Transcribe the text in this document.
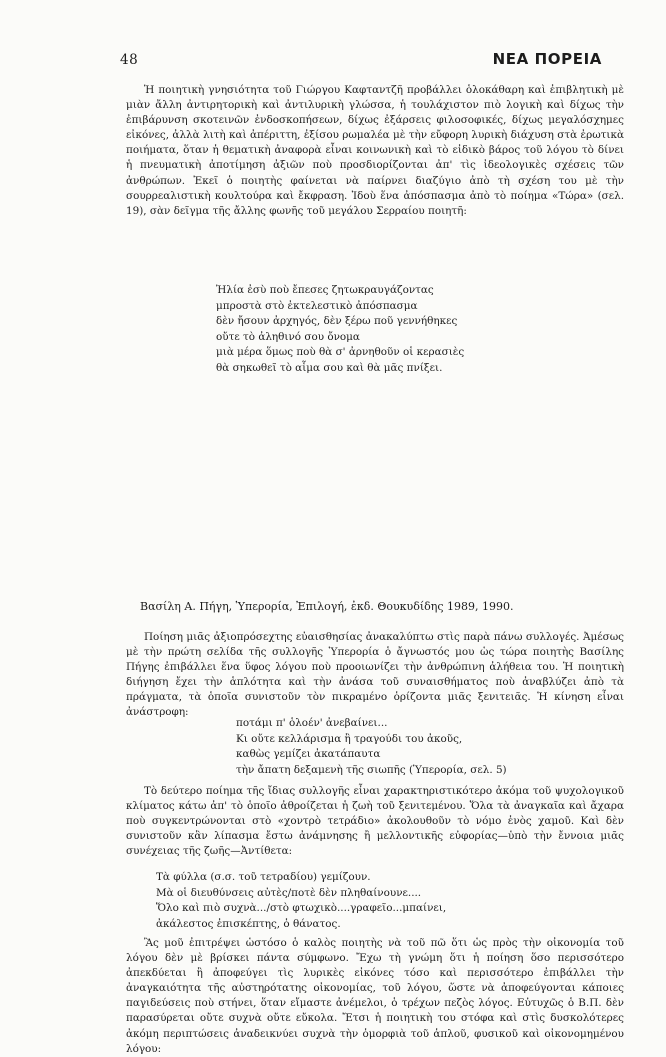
48	ΝΕΑ ΠΟΡΕΙΑ

Ἡ ποιητικὴ γνησιότητα τοῦ Γιώργου Καφταντζῆ προβάλλει ὁλοκάθαρη καὶ ἐπιβλητικὴ μὲ μιὰν ἄλλη ἀντιρητορικὴ καὶ ἀντιλυρικὴ γλώσσα, ἡ τουλάχιστον πιὸ λογικὴ καὶ δίχως τὴν ἐπιβάρυνση σκοτεινῶν ἐνδοσκοπήσεων, δίχως ἐξάρσεις φιλοσοφικές, δίχως μεγαλόσχημες εἰκόνες, ἀλλὰ λιτὴ καὶ ἀπέριττη, ἐξίσου ρωμαλέα μὲ τὴν εὔφορη λυρικὴ διάχυση στὰ ἐρωτικὰ ποιήματα, ὅταν ἡ θεματικὴ ἀναφορὰ εἶναι κοινωνικὴ καὶ τὸ εἰδικὸ βάρος τοῦ λόγου τὸ δίνει ἡ πνευματικὴ ἀποτίμηση ἀξιῶν ποὺ προσδιορίζονται ἀπ' τὶς ἰδεολογικὲς σχέσεις τῶν ἀνθρώπων. Ἐκεῖ ὁ ποιητὴς φαίνεται νὰ παίρνει διαζύγιο ἀπὸ τὴ σχέση του μὲ τὴν σουρρεαλιστικὴ κουλτούρα καὶ ἔκφραση. Ἰδοὺ ἕνα ἀπόσπασμα ἀπὸ τὸ ποίημα «Τώρα» (σελ. 19), σὰν δεῖγμα τῆς ἄλλης φωνῆς τοῦ μεγάλου Σερραίου ποιητῆ:

Ἠλία ἐσὺ ποὺ ἔπεσες ζητωκραυγάζοντας
μπροστὰ στὸ ἐκτελεστικὸ ἀπόσπασμα
δὲν ἤσουν ἀρχηγός, δὲν ξέρω ποῦ γεννήθηκες
οὔτε τὸ ἀληθινό σου ὄνομα
μιὰ μέρα ὅμως ποὺ θὰ σ' ἀρνηθοῦν οἱ κερασιὲς
θὰ σηκωθεῖ τὸ αἷμα σου καὶ θὰ μᾶς πνίξει.
Βασίλη Α. Πήγη, Ὑπερορία, Ἐπιλογή, ἐκδ. Θουκυδίδης 1989, 1990.

Ποίηση μιᾶς ἀξιοπρόσεχτης εὐαισθησίας ἀνακαλύπτω στὶς παρὰ πάνω συλλογές. Ἀμέσως μὲ τὴν πρώτη σελίδα τῆς συλλογῆς Ὑπερορία ὁ ἄγνωστός μου ὡς τώρα ποιητὴς Βασίλης Πήγης ἐπιβάλλει ἕνα ὕφος λόγου ποὺ προοιωνίζει τὴν ἀνθρώπινη ἀλήθεια του. Ἡ ποιητικὴ διήγηση ἔχει τὴν ἁπλότητα καὶ τὴν ἀνάσα τοῦ συναισθήματος ποὺ ἀναβλύζει ἀπὸ τὰ πράγματα, τὰ ὁποῖα συνιστοῦν τὸν πικραμένο ὁρίζοντα μιᾶς ξενιτειᾶς. Ἡ κίνηση εἶναι ἀνάστροφη:

ποτάμι π' ὁλοέν' ἀνεβαίνει...
Κι οὔτε κελλάρισμα ἢ τραγούδι του ἀκοῦς,
καθὼς γεμίζει ἀκατάπαυτα
τὴν ἄπατη δεξαμενὴ τῆς σιωπῆς (Ὑπερορία, σελ. 5)

Τὸ δεύτερο ποίημα τῆς ἴδιας συλλογῆς εἶναι χαρακτηριστικότερο ἀκόμα τοῦ ψυχολογικοῦ κλίματος κάτω ἀπ' τὸ ὁποῖο ἀθροίζεται ἡ ζωὴ τοῦ ξενιτεμένου. Ὅλα τὰ ἀναγκαῖα καὶ ἄχαρα ποὺ συγκεντρώνονται στὸ «χοντρὸ τετράδιο» ἀκολουθοῦν τὸ νόμο ἑνὸς χαμοῦ. Καὶ δὲν συνιστοῦν κἂν λίπασμα ἔστω ἀνάμνησης ἢ μελλοντικῆς εὐφορίας—ὑπὸ τὴν ἔννοια μιᾶς συνέχειας τῆς ζωῆς—Ἀντίθετα:

Τὰ φύλλα (σ.σ. τοῦ τετραδίου) γεμίζουν.
Μὰ οἱ διευθύνσεις αὐτὲς/ποτὲ δὲν πληθαίνουνε....
Ὅλο καὶ πιὸ συχνὰ.../στὸ φτωχικὸ....γραφεῖο...μπαίνει,
ἀκάλεστος ἐπισκέπτης, ὁ θάνατος.

Ἂς μοῦ ἐπιτρέψει ὡστόσο ὁ καλὸς ποιητὴς νὰ τοῦ πῶ ὅτι ὡς πρὸς τὴν οἰκονομία τοῦ λόγου δὲν μὲ βρίσκει πάντα σύμφωνο. Ἔχω τὴ γνώμη ὅτι ἡ ποίηση ὅσο περισσότερο ἀπεκδύεται ἢ ἀποφεύγει τὶς λυρικὲς εἰκόνες τόσο καὶ περισσότερο ἐπιβάλλει τὴν ἀναγκαιότητα τῆς αὐστηρότατης οἰκονομίας, τοῦ λόγου, ὥστε νὰ ἀποφεύγονται κάποιες παγιδεύσεις ποὺ στήνει, ὅταν εἴμαστε ἀνέμελοι, ὁ τρέχων πεζὸς λόγος. Εὐτυχῶς ὁ Β.Π. δὲν παρασύρεται οὔτε συχνὰ οὔτε εὔκολα. Ἔτσι ἡ ποιητικὴ του στόφα καὶ στὶς δυσκολότερες ἀκόμη περιπτώσεις ἀναδεικνύει συχνὰ τὴν ὁμορφιὰ τοῦ ἁπλοῦ, φυσικοῦ καὶ οἰκονομημένου λόγου:
